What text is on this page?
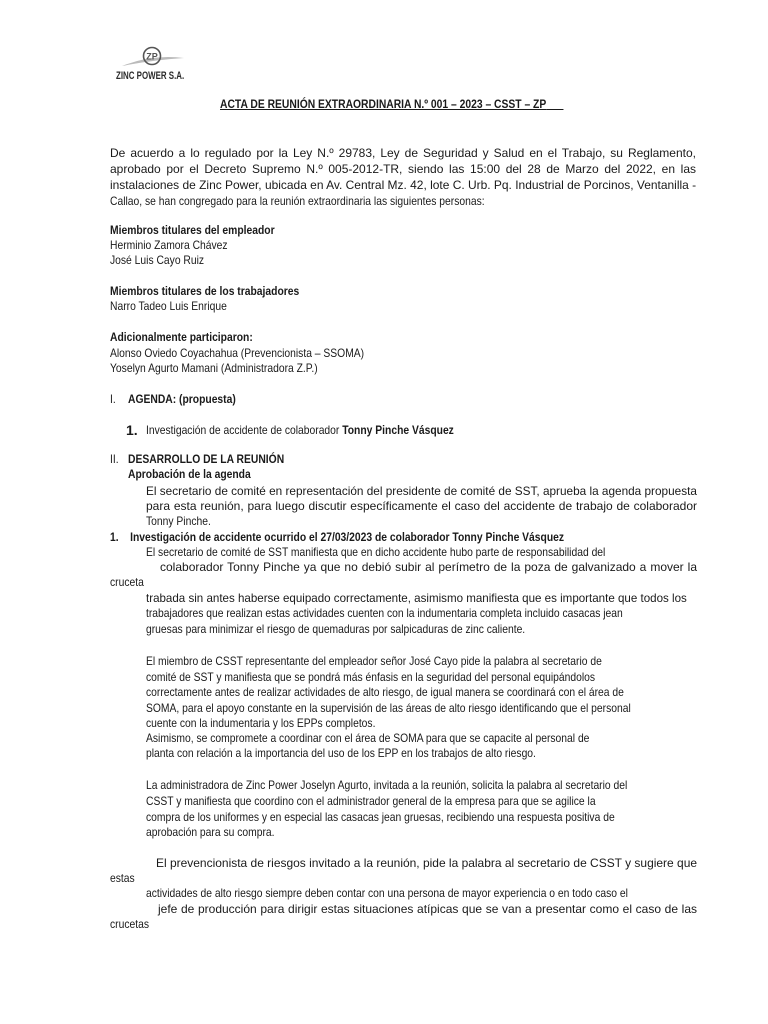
ZP
ZINC POWER S.A.
ACTA DE REUNIÓN EXTRAORDINARIA N.º 001 – 2023 – CSST – ZP
De acuerdo a lo regulado por la Ley N.º 29783, Ley de Seguridad y Salud en el Trabajo, su Reglamento,
aprobado por el Decreto Supremo N.º 005-2012-TR, siendo las 15:00 del 28 de Marzo del 2022, en las
instalaciones de Zinc Power, ubicada en Av. Central Mz. 42, lote C. Urb. Pq. Industrial de Porcinos, Ventanilla -
Callao, se han congregado para la reunión extraordinaria las siguientes personas:
Miembros titulares del empleador
Herminio Zamora Chávez
José Luis Cayo Ruiz
Miembros titulares de los trabajadores
Narro Tadeo Luis Enrique
Adicionalmente participaron:
Alonso Oviedo Coyachahua (Prevencionista – SSOMA)
Yoselyn Agurto Mamani (Administradora Z.P.)
I. AGENDA: (propuesta)
1. Investigación de accidente de colaborador Tonny Pinche Vásquez
II. DESARROLLO DE LA REUNIÓN
Aprobación de la agenda
El secretario de comité en representación del presidente de comité de SST, aprueba la agenda propuesta
para esta reunión, para luego discutir específicamente el caso del accidente de trabajo de colaborador
Tonny Pinche.
1.    Investigación de accidente ocurrido el 27/03/2023 de colaborador Tonny Pinche Vásquez
El secretario de comité de SST manifiesta que en dicho accidente hubo parte de responsabilidad del
colaborador Tonny Pinche ya que no debió subir al perímetro de la poza de galvanizado a mover la
cruceta
trabada sin antes haberse equipado correctamente, asimismo manifiesta que es importante que todos los
trabajadores que realizan estas actividades cuenten con la indumentaria completa incluido casacas jean
gruesas para minimizar el riesgo de quemaduras por salpicaduras de zinc caliente.
El miembro de CSST representante del empleador señor José Cayo pide la palabra al secretario de
comité de SST y manifiesta que se pondrá más énfasis en la seguridad del personal equipándolos
correctamente antes de realizar actividades de alto riesgo, de igual manera se coordinará con el área de
SOMA, para el apoyo constante en la supervisión de las áreas de alto riesgo identificando que el personal
cuente con la indumentaria y los EPPs completos.
Asimismo, se compromete a coordinar con el área de SOMA para que se capacite al personal de
planta con relación a la importancia del uso de los EPP en los trabajos de alto riesgo.
La administradora de Zinc Power Joselyn Agurto, invitada a la reunión, solicita la palabra al secretario del
CSST y manifiesta que coordino con el administrador general de la empresa para que se agilice la
compra de los uniformes y en especial las casacas jean gruesas, recibiendo una respuesta positiva de
aprobación para su compra.
El prevencionista de riesgos invitado a la reunión, pide la palabra al secretario de CSST y sugiere que
estas
actividades de alto riesgo siempre deben contar con una persona de mayor experiencia o en todo caso el
jefe de producción para dirigir estas situaciones atípicas que se van a presentar como el caso de las
crucetas
